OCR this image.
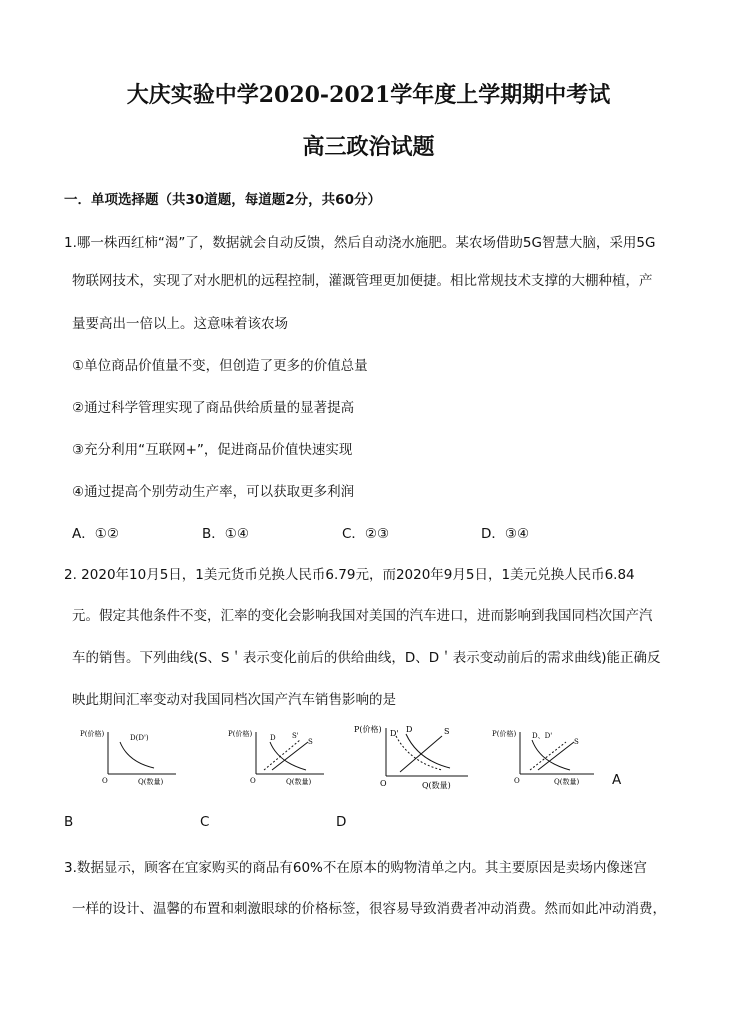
大庆实验中学2020-2021学年度上学期期中考试
高三政治试题
一．单项选择题（共30道题，每道题2分，共60分）
1.哪一株西红柿“渴”了，数据就会自动反馈，然后自动浇水施肥。某农场借助5G智慧大脑，采用5G
物联网技术，实现了对水肥机的远程控制，灌溉管理更加便捷。相比常规技术支撑的大棚种植，产
量要高出一倍以上。这意味着该农场
①单位商品价值量不变，但创造了更多的价值总量
②通过科学管理实现了商品供给质量的显著提高
③充分利用“互联网+”，促进商品价值快速实现
④通过提高个别劳动生产率，可以获取更多利润
A．①②	B．①④	C．②③	D．③④
2. 2020年10月5日，1美元货币兑换人民币6.79元，而2020年9月5日，1美元兑换人民币6.84
元。假定其他条件不变，汇率的变化会影响我国对美国的汽车进口，进而影响到我国同档次国产汽
车的销售。下列曲线(S、S＇表示变化前后的供给曲线，D、D＇表示变动前后的需求曲线)能正确反
映此期间汇率变动对我国同档次国产汽车销售影响的是
P(价格)
O	Q(数量)
D(D')	P(价格)
O	Q(数量)
D S'
S
P(价格)
O	Q(数量)
D' D	S	P(价格)
O	Q(数量)
D、D'
S
A
B	C	D
3.数据显示，顾客在宜家购买的商品有60%不在原本的购物清单之内。其主要原因是卖场内像迷宫
一样的设计、温馨的布置和刺激眼球的价格标签，很容易导致消费者冲动消费。然而如此冲动消费，
